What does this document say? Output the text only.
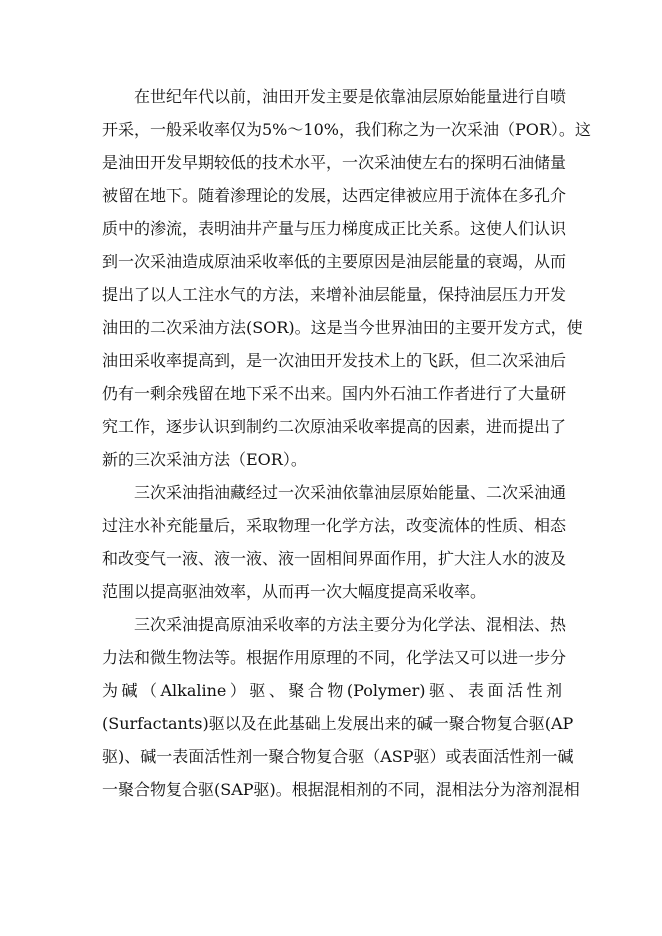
在世纪年代以前，油田开发主要是依靠油层原始能量进行自喷
开采，一般采收率仅为5%～10%，我们称之为一次采油（POR）。这
是油田开发早期较低的技术水平，一次采油使左右的探明石油储量
被留在地下。随着渗理论的发展，达西定律被应用于流体在多孔介
质中的渗流，表明油井产量与压力梯度成正比关系。这使人们认识
到一次采油造成原油采收率低的主要原因是油层能量的衰竭，从而
提出了以人工注水气的方法，来增补油层能量，保持油层压力开发
油田的二次采油方法(SOR)。这是当今世界油田的主要开发方式，使
油田采收率提高到，是一次油田开发技术上的飞跃，但二次采油后
仍有一剩余残留在地下采不出来。国内外石油工作者进行了大量研
究工作，逐步认识到制约二次原油采收率提高的因素，进而提出了
新的三次采油方法（EOR）。

三次采油指油藏经过一次采油依靠油层原始能量、二次采油通
过注水补充能量后，采取物理一化学方法，改变流体的性质、相态
和改变气一液、液一液、液一固相间界面作用，扩大注人水的波及
范围以提高驱油效率，从而再一次大幅度提高采收率。

三次采油提高原油采收率的方法主要分为化学法、混相法、热
力法和微生物法等。根据作用原理的不同，化学法又可以进一步分
为碱（Alkaline）驱、聚合物(Polymer)驱、表面活性剂
(Surfactants)驱以及在此基础上发展出来的碱一聚合物复合驱(AP
驱)、碱一表面活性剂一聚合物复合驱（ASP驱）或表面活性剂一碱
一聚合物复合驱(SAP驱)。根据混相剂的不同，混相法分为溶剂混相
